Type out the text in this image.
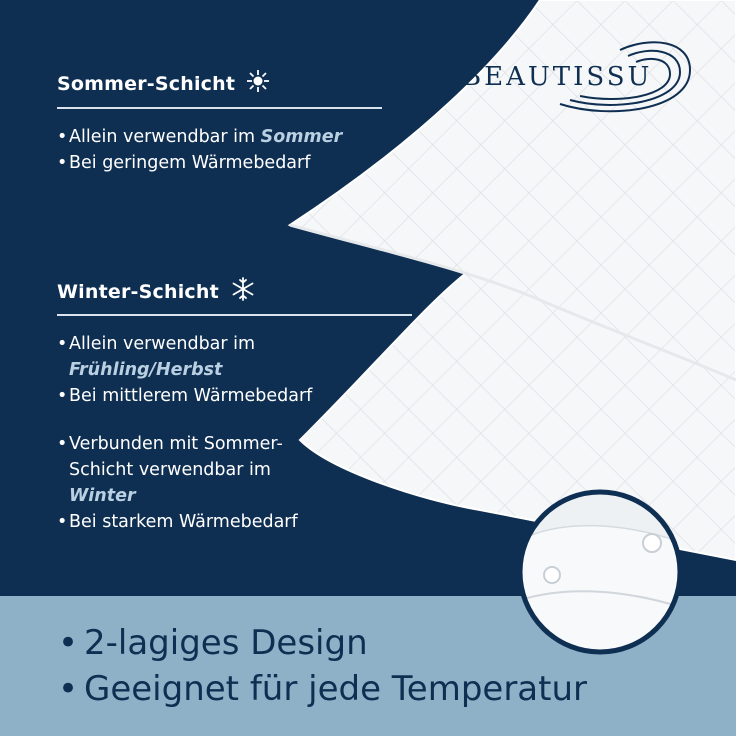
BEAUTISSU
Sommer-Schicht
• Allein verwendbar im Sommer
• Bei geringem Wärmebedarf
Winter-Schicht
• Allein verwendbar im
Frühling/Herbst
• Bei mittlerem Wärmebedarf
• Verbunden mit Sommer-
Schicht verwendbar im
Winter
• Bei starkem Wärmebedarf
• 2-lagiges Design
• Geeignet für jede Temperatur
